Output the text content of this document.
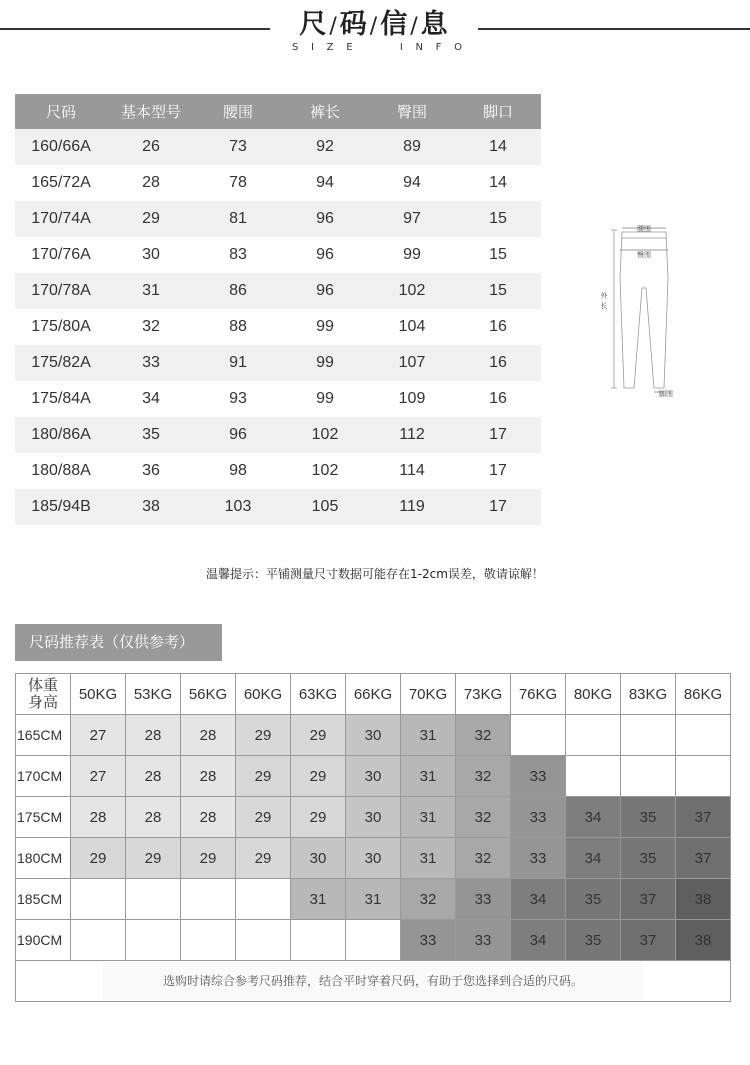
尺/码/信/息
S I Z E	I N F O
尺码	基本型号	腰围	裤长	臀围	脚口
160/66A	26	73	92	89	14
165/72A	28	78	94	94	14
170/74A	29	81	96	97	15
170/76A	30	83	96	99	15
170/78A	31	86	96	102	15
175/80A	32	88	99	104	16
175/82A	33	91	99	107	16
175/84A	34	93	99	109	16
180/86A	35	96	102	112	17
180/88A	36	98	102	114	17
185/94B	38	103	105	119	17
腰围
臀围
外
长
脚围
温馨提示：平铺测量尺寸数据可能存在1-2cm误差，敬请谅解！
尺码推荐表（仅供参考）
体重
身高	50KG	53KG	56KG	60KG	63KG	66KG	70KG	73KG	76KG	80KG	83KG	86KG
165CM	27	28	28	29	29	30	31	32				
170CM	27	28	28	29	29	30	31	32	33			
175CM	28	28	28	29	29	30	31	32	33	34	35	37
180CM	29	29	29	29	30	30	31	32	33	34	35	37
185CM					31	31	32	33	34	35	37	38
190CM							33	33	34	35	37	38

选购时请综合参考尺码推荐，结合平时穿着尺码，有助于您选择到合适的尺码。												
